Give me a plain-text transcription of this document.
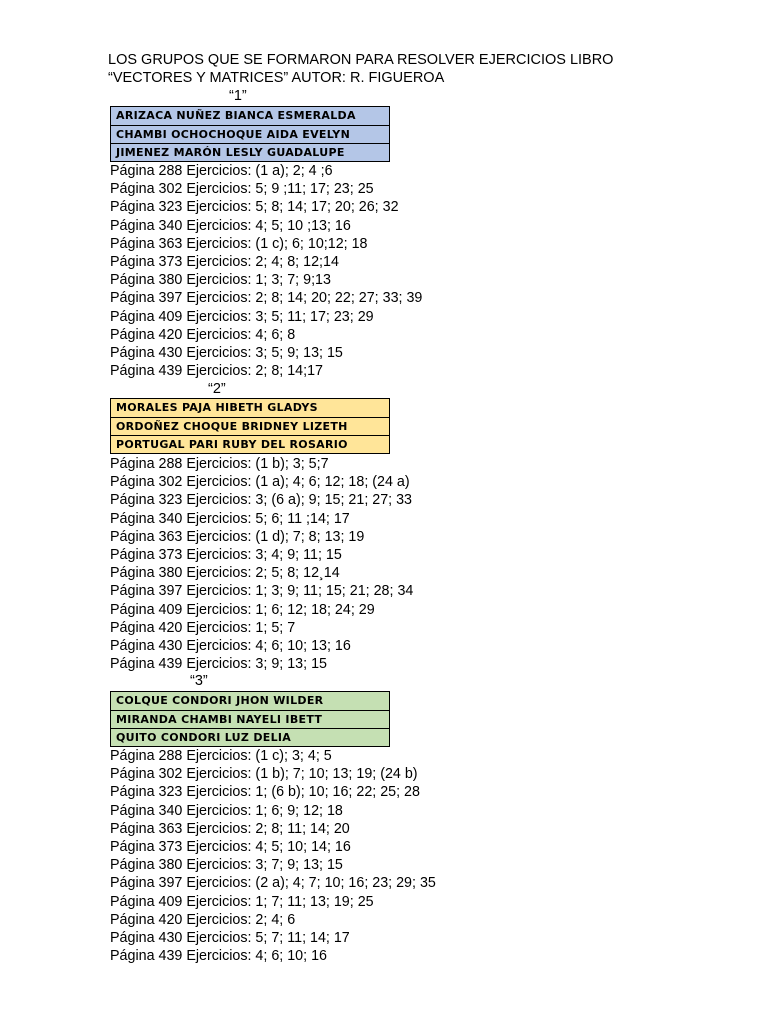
LOS GRUPOS QUE SE FORMARON PARA RESOLVER EJERCICIOS LIBRO
“VECTORES Y MATRICES” AUTOR: R. FIGUEROA
“1”
ARIZACA NUÑEZ BIANCA ESMERALDA
CHAMBI OCHOCHOQUE AIDA EVELYN
JIMENEZ MARÓN LESLY GUADALUPE
Página 288 Ejercicios: (1 a); 2; 4 ;6
Página 302 Ejercicios: 5; 9 ;11; 17; 23; 25
Página 323 Ejercicios: 5; 8; 14; 17; 20; 26; 32
Página 340 Ejercicios: 4; 5; 10 ;13; 16
Página 363 Ejercicios: (1 c); 6; 10;12; 18
Página 373 Ejercicios: 2; 4; 8; 12;14
Página 380 Ejercicios: 1; 3; 7; 9;13
Página 397 Ejercicios: 2; 8; 14; 20; 22; 27; 33; 39
Página 409 Ejercicios: 3; 5; 11; 17; 23; 29
Página 420 Ejercicios: 4; 6; 8
Página 430 Ejercicios: 3; 5; 9; 13; 15
Página 439 Ejercicios: 2; 8; 14;17
“2”
MORALES PAJA HIBETH GLADYS
ORDOÑEZ CHOQUE BRIDNEY LIZETH
PORTUGAL PARI RUBY DEL ROSARIO
Página 288 Ejercicios: (1 b); 3; 5;7
Página 302 Ejercicios: (1 a); 4; 6; 12; 18; (24 a)
Página 323 Ejercicios: 3; (6 a); 9; 15; 21; 27; 33
Página 340 Ejercicios: 5; 6; 11 ;14; 17
Página 363 Ejercicios: (1 d); 7; 8; 13; 19
Página 373 Ejercicios: 3; 4; 9; 11; 15
Página 380 Ejercicios: 2; 5; 8; 12¸14
Página 397 Ejercicios: 1; 3; 9; 11; 15; 21; 28; 34
Página 409 Ejercicios: 1; 6; 12; 18; 24; 29
Página 420 Ejercicios: 1; 5; 7
Página 430 Ejercicios: 4; 6; 10; 13; 16
Página 439 Ejercicios: 3; 9; 13; 15
“3”
COLQUE CONDORI JHON WILDER
MIRANDA CHAMBI NAYELI IBETT
QUITO CONDORI LUZ DELIA
Página 288 Ejercicios: (1 c); 3; 4; 5
Página 302 Ejercicios: (1 b); 7; 10; 13; 19; (24 b)
Página 323 Ejercicios: 1; (6 b); 10; 16; 22; 25; 28
Página 340 Ejercicios: 1; 6; 9; 12; 18
Página 363 Ejercicios: 2; 8; 11; 14; 20
Página 373 Ejercicios: 4; 5; 10; 14; 16
Página 380 Ejercicios: 3; 7; 9; 13; 15
Página 397 Ejercicios: (2 a); 4; 7; 10; 16; 23; 29; 35
Página 409 Ejercicios: 1; 7; 11; 13; 19; 25
Página 420 Ejercicios: 2; 4; 6
Página 430 Ejercicios: 5; 7; 11; 14; 17
Página 439 Ejercicios: 4; 6; 10; 16
